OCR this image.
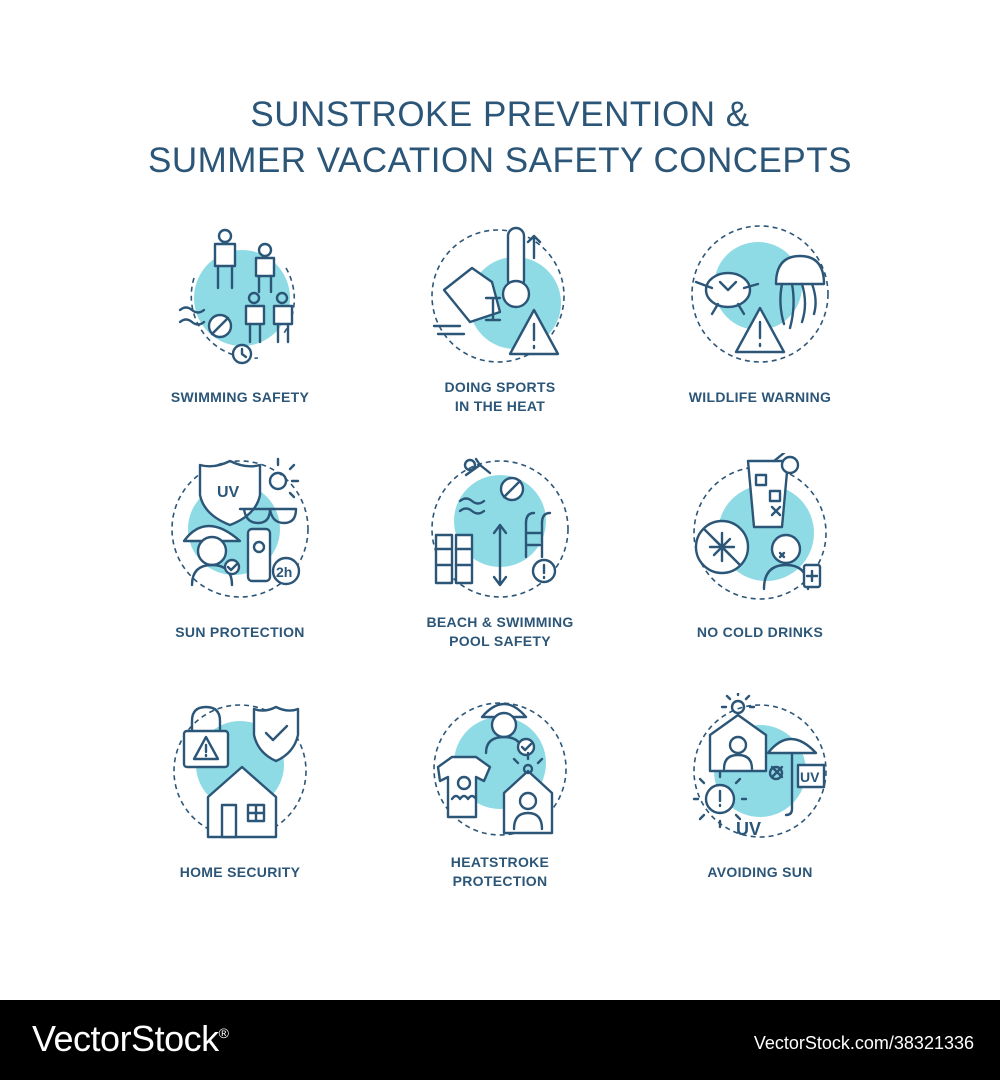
SUNSTROKE PREVENTION &
SUMMER VACATION SAFETY CONCEPTS
SWIMMING SAFETY
DOING SPORTS
IN THE HEAT
WILDLIFE WARNING
UV
2h
SUN PROTECTION
BEACH & SWIMMING
POOL SAFETY
NO COLD DRINKS
HOME SECURITY
HEATSTROKE
PROTECTION
UV
UV
AVOIDING SUN
VectorStock®	VectorStock.com/38321336
